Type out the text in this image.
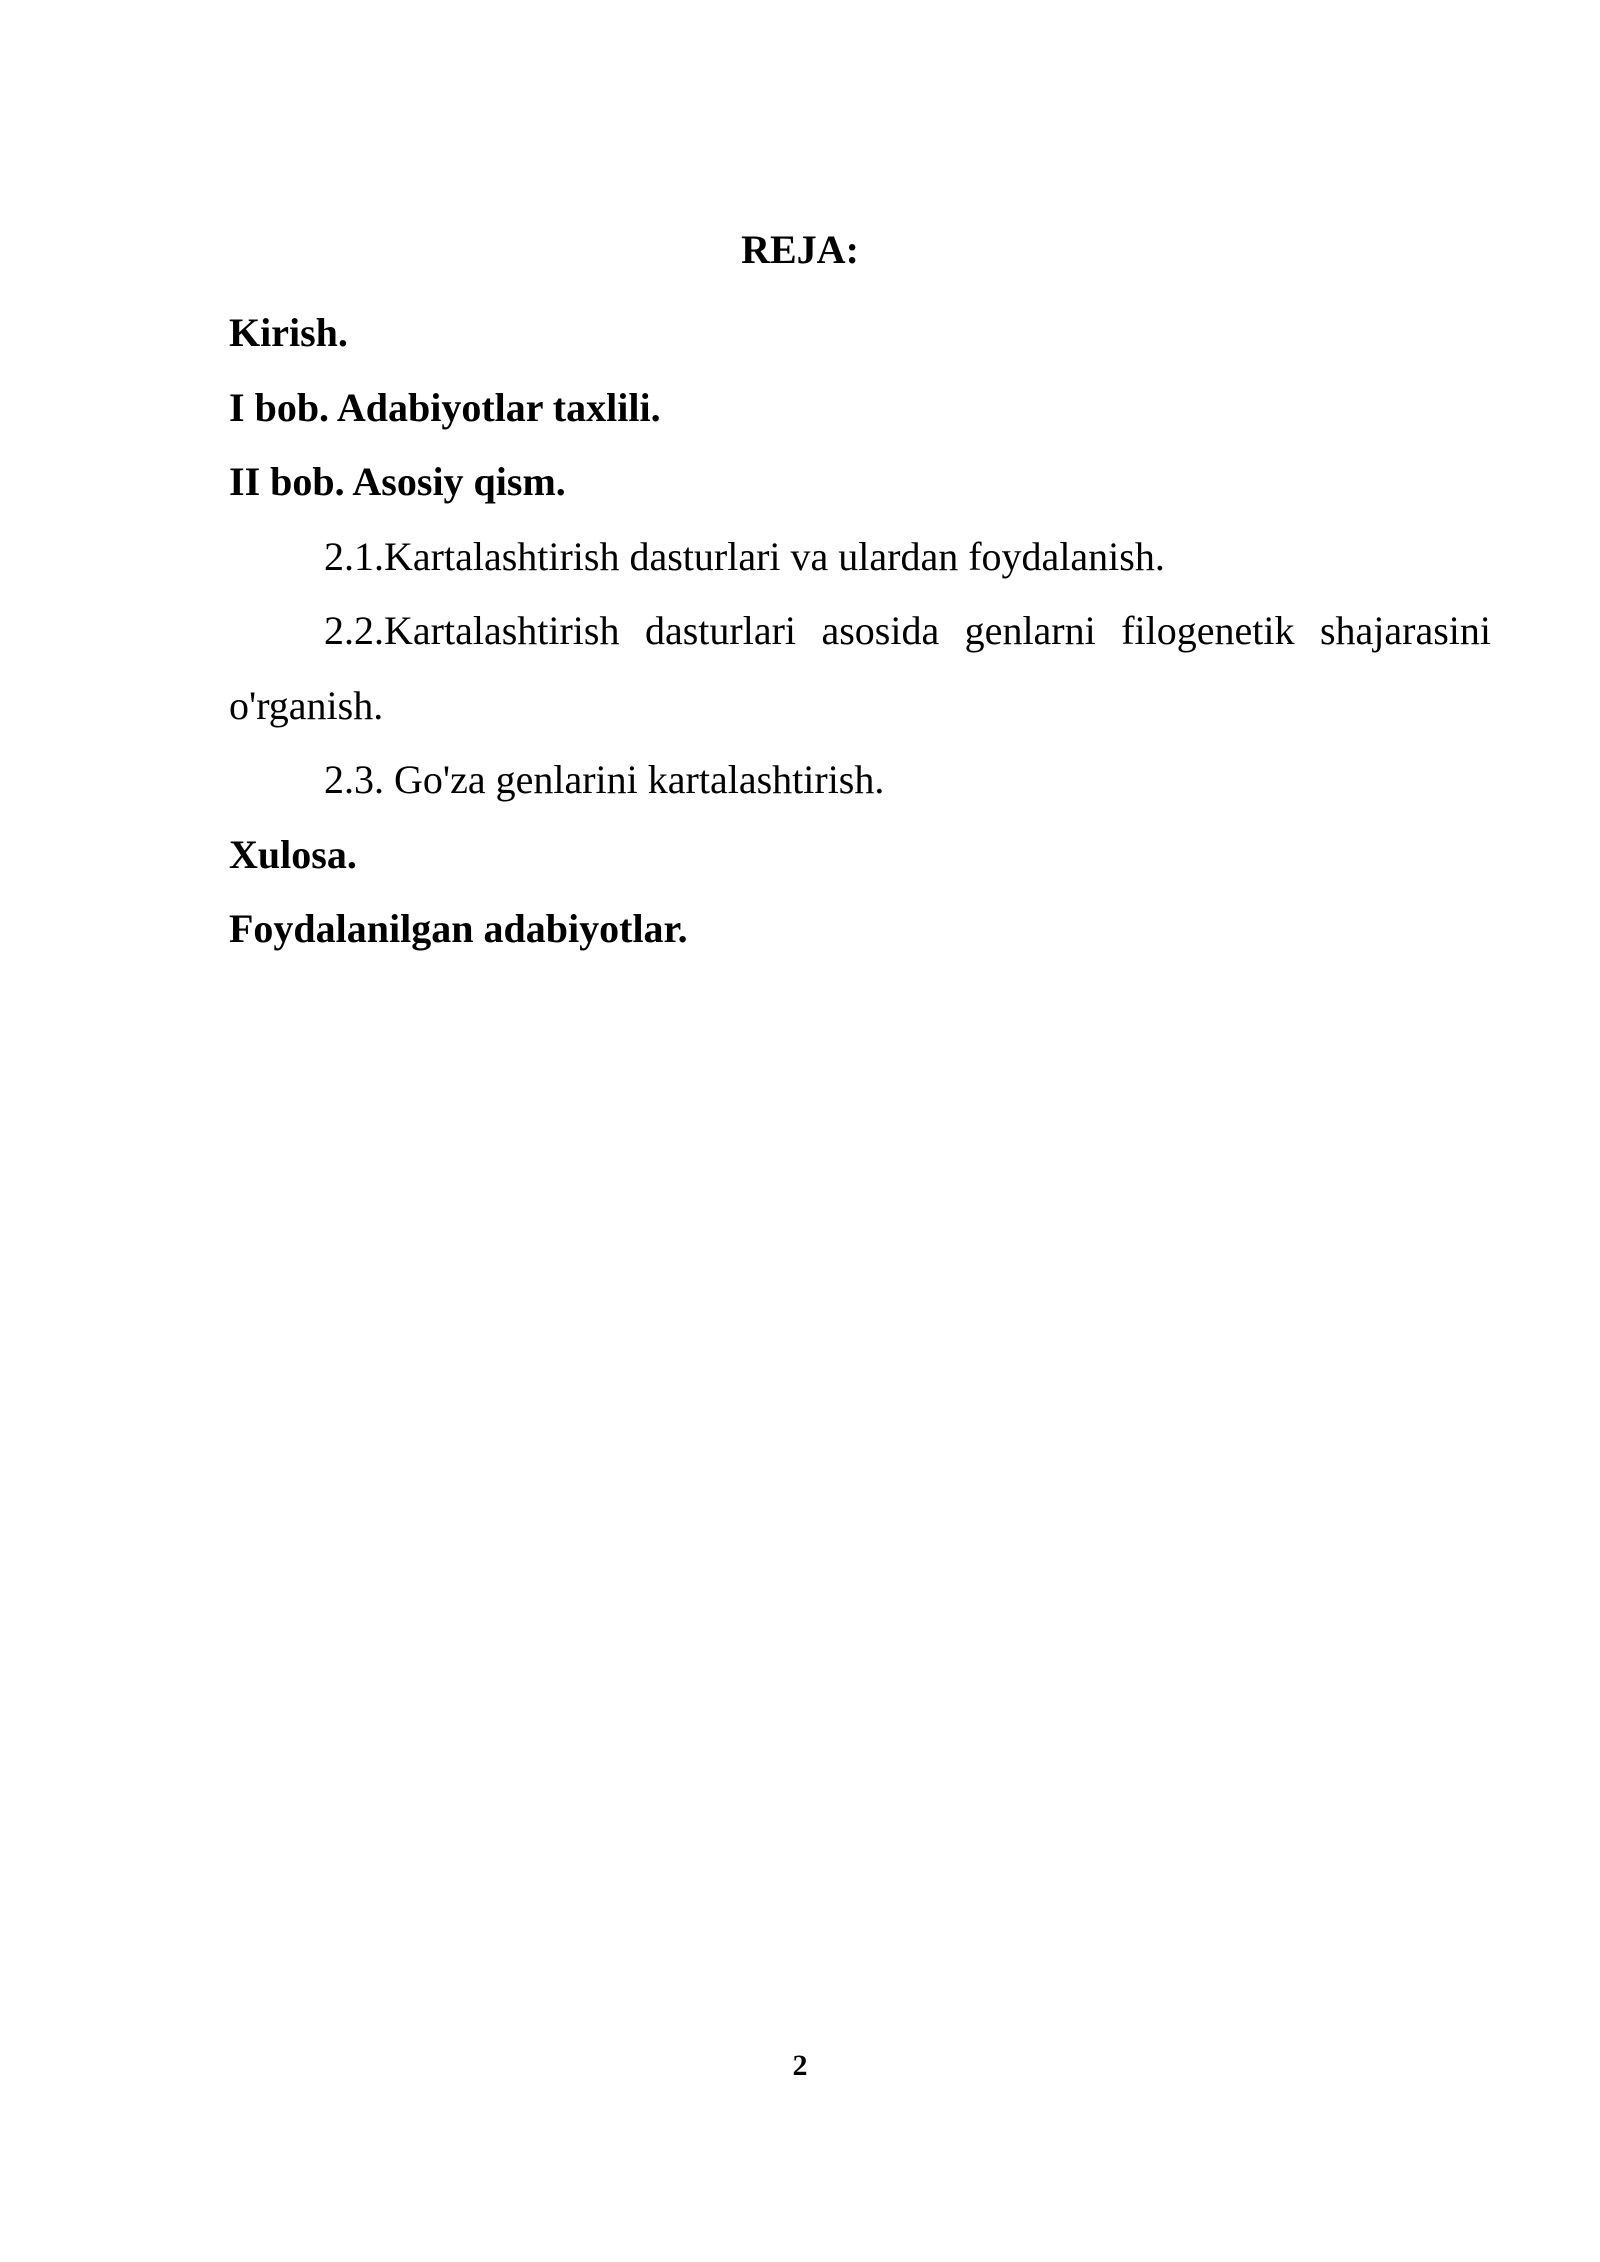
REJA:

Kirish.

I bob. Adabiyotlar taxlili.

II bob. Asosiy qism.

2.1.Kartalashtirish dasturlari va ulardan foydalanish.

2.2.Kartalashtirish dasturlari asosida genlarni filogenetik shajarasini o'rganish.

2.3. Go'za genlarini kartalashtirish.

Xulosa.

Foydalanilgan adabiyotlar.

2
